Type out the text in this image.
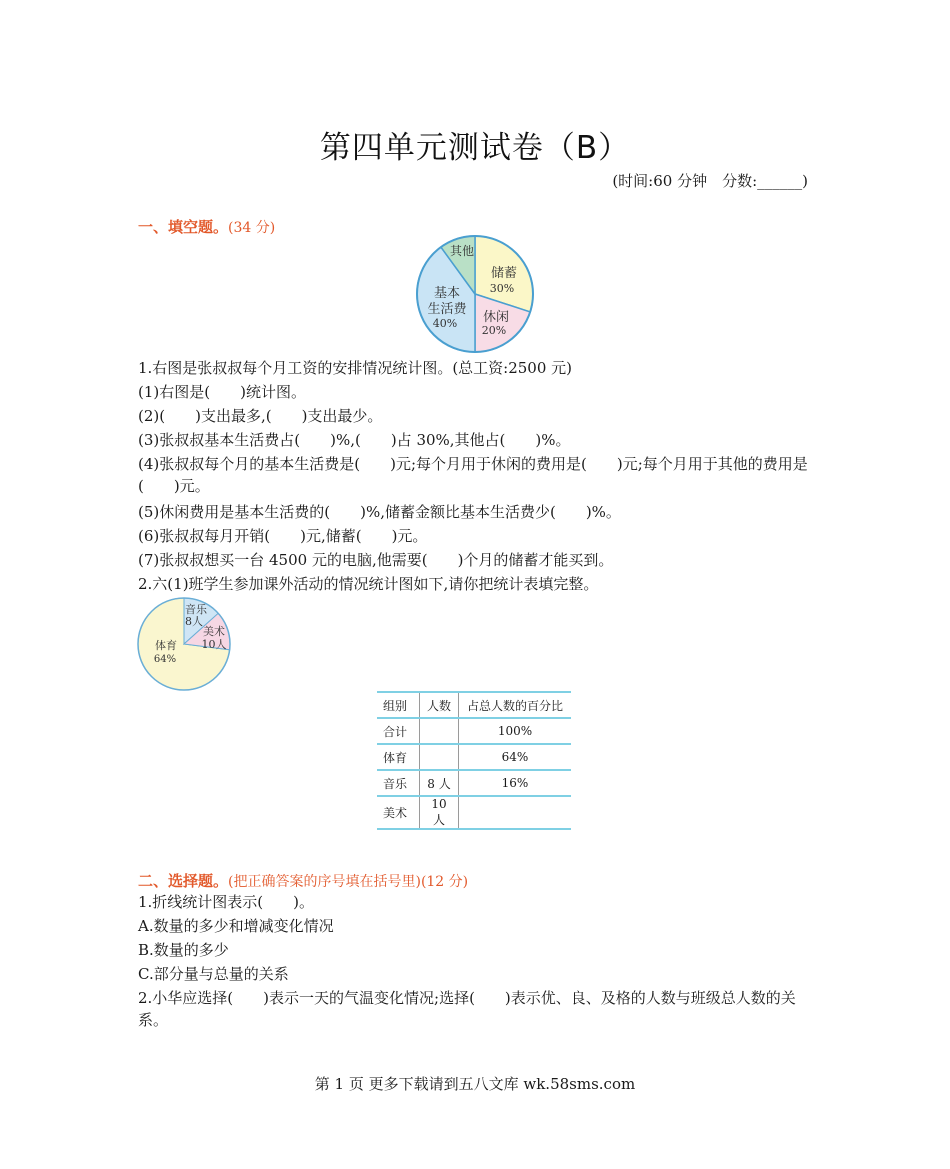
第四单元测试卷（B）
(时间:60 分钟　分数:______)
一、填空题。(34 分)
储蓄
30%
休闲
20%
基本
生活费
40%
其他
1.右图是张叔叔每个月工资的安排情况统计图。(总工资:2500 元)
(1)右图是(　　)统计图。
(2)(　　)支出最多,(　　)支出最少。
(3)张叔叔基本生活费占(　　)%,(　　)占 30%,其他占(　　)%。
(4)张叔叔每个月的基本生活费是(　　)元;每个月用于休闲的费用是(　　)元;每个月用于其他的费用是(　　)元。
(5)休闲费用是基本生活费的(　　)%,储蓄金额比基本生活费少(　　)%。
(6)张叔叔每月开销(　　)元,储蓄(　　)元。
(7)张叔叔想买一台 4500 元的电脑,他需要(　　)个月的储蓄才能买到。
2.六(1)班学生参加课外活动的情况统计图如下,请你把统计表填完整。
音乐
8人
美术
10人
体育
64%
组别	人数	占总人数的百分比
合计		100%
体育		64%
音乐	8 人	16%
美术	10 人	
二、选择题。(把正确答案的序号填在括号里)(12 分)
1.折线统计图表示(　　)。
A.数量的多少和增减变化情况
B.数量的多少
C.部分量与总量的关系
2.小华应选择(　　)表示一天的气温变化情况;选择(　　)表示优、良、及格的人数与班级总人数的关系。
第 1 页 更多下载请到五八文库 wk.58sms.com
